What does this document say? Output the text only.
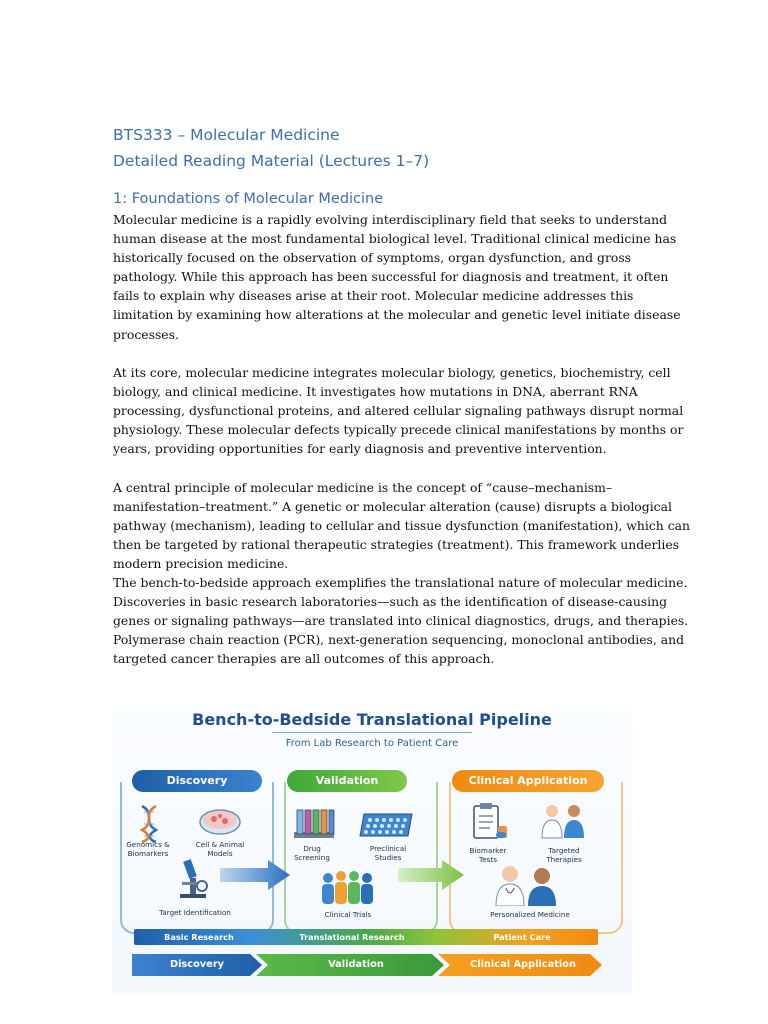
BTS333 – Molecular Medicine
Detailed Reading Material (Lectures 1–7)
1: Foundations of Molecular Medicine
Molecular medicine is a rapidly evolving interdisciplinary field that seeks to understand
human disease at the most fundamental biological level. Traditional clinical medicine has
historically focused on the observation of symptoms, organ dysfunction, and gross
pathology. While this approach has been successful for diagnosis and treatment, it often
fails to explain why diseases arise at their root. Molecular medicine addresses this
limitation by examining how alterations at the molecular and genetic level initiate disease
processes.
At its core, molecular medicine integrates molecular biology, genetics, biochemistry, cell
biology, and clinical medicine. It investigates how mutations in DNA, aberrant RNA
processing, dysfunctional proteins, and altered cellular signaling pathways disrupt normal
physiology. These molecular defects typically precede clinical manifestations by months or
years, providing opportunities for early diagnosis and preventive intervention.
A central principle of molecular medicine is the concept of “cause–mechanism–
manifestation–treatment.” A genetic or molecular alteration (cause) disrupts a biological
pathway (mechanism), leading to cellular and tissue dysfunction (manifestation), which can
then be targeted by rational therapeutic strategies (treatment). This framework underlies
modern precision medicine.
The bench-to-bedside approach exemplifies the translational nature of molecular medicine.
Discoveries in basic research laboratories—such as the identification of disease-causing
genes or signaling pathways—are translated into clinical diagnostics, drugs, and therapies.
Polymerase chain reaction (PCR), next-generation sequencing, monoclonal antibodies, and
targeted cancer therapies are all outcomes of this approach.
Bench-to-Bedside Translational Pipeline
From Lab Research to Patient Care
Discovery	Validation	Clinical Application
Genomics &
Biomarkers
Cell & Animal
Models
Target Identification
Drug
Screening
Preclinical
Studies
Clinical Trials
Biomarker
Tests
Targeted
Therapies
Personalized Medicine
Basic Research	Translational Research	Patient Care
Discovery	Validation	Clinical Application
